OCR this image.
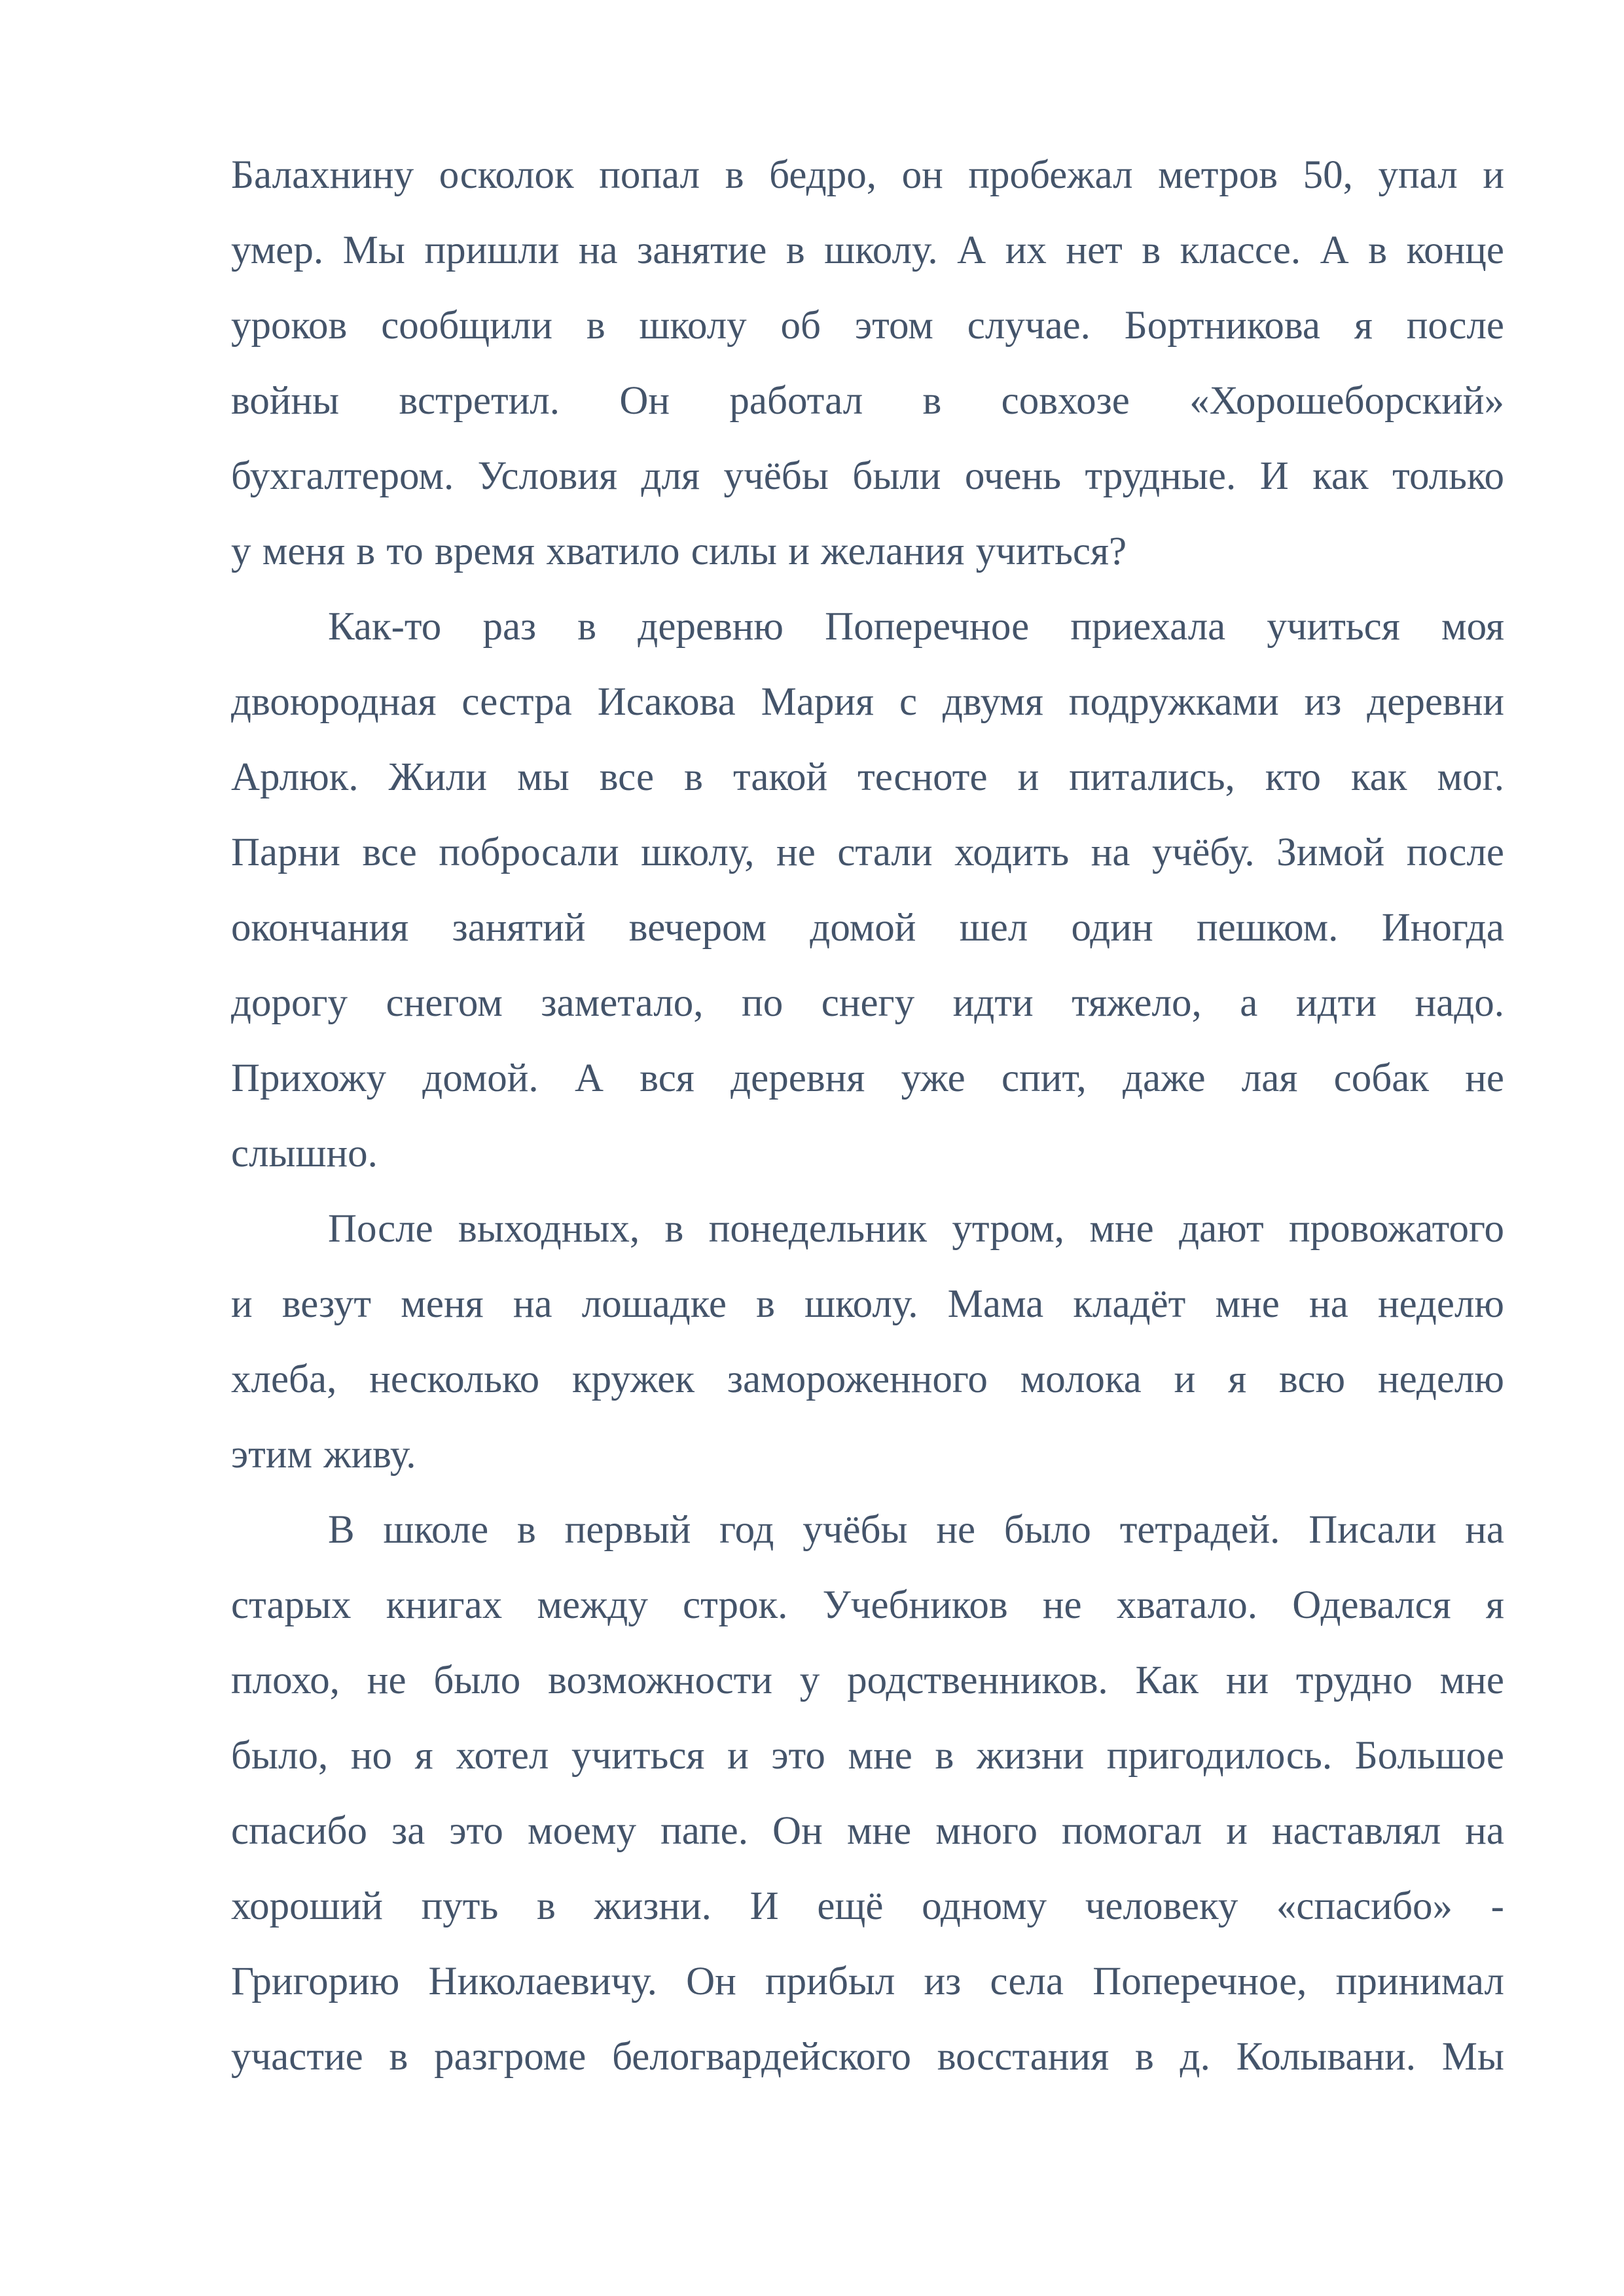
Балахнину осколок попал в бедро, он пробежал метров 50, упал и
умер. Мы пришли на занятие в школу. А их нет в классе. А в конце
уроков сообщили в школу об этом случае. Бортникова я после
войны встретил. Он работал в совхозе «Хорошеборский»
бухгалтером. Условия для учёбы были очень трудные. И как только
у меня в то время хватило силы и желания учиться?
Как-то раз в деревню Поперечное приехала учиться моя
двоюродная сестра Исакова Мария с двумя подружками из деревни
Арлюк. Жили мы все в такой тесноте и питались, кто как мог.
Парни все побросали школу, не стали ходить на учёбу. Зимой после
окончания занятий вечером домой шел один пешком. Иногда
дорогу снегом заметало, по снегу идти тяжело, а идти надо.
Прихожу домой. А вся деревня уже спит, даже лая собак не
слышно.
После выходных, в понедельник утром, мне дают провожатого
и везут меня на лошадке в школу. Мама кладёт мне на неделю
хлеба, несколько кружек замороженного молока и я всю неделю
этим живу.
В школе в первый год учёбы не было тетрадей. Писали на
старых книгах между строк. Учебников не хватало. Одевался я
плохо, не было возможности у родственников. Как ни трудно мне
было, но я хотел учиться и это мне в жизни пригодилось. Большое
спасибо за это моему папе. Он мне много помогал и наставлял на
хороший путь в жизни. И ещё одному человеку «спасибо» -
Григорию Николаевичу. Он прибыл из села Поперечное, принимал
участие в разгроме белогвардейского восстания в д. Колывани. Мы
